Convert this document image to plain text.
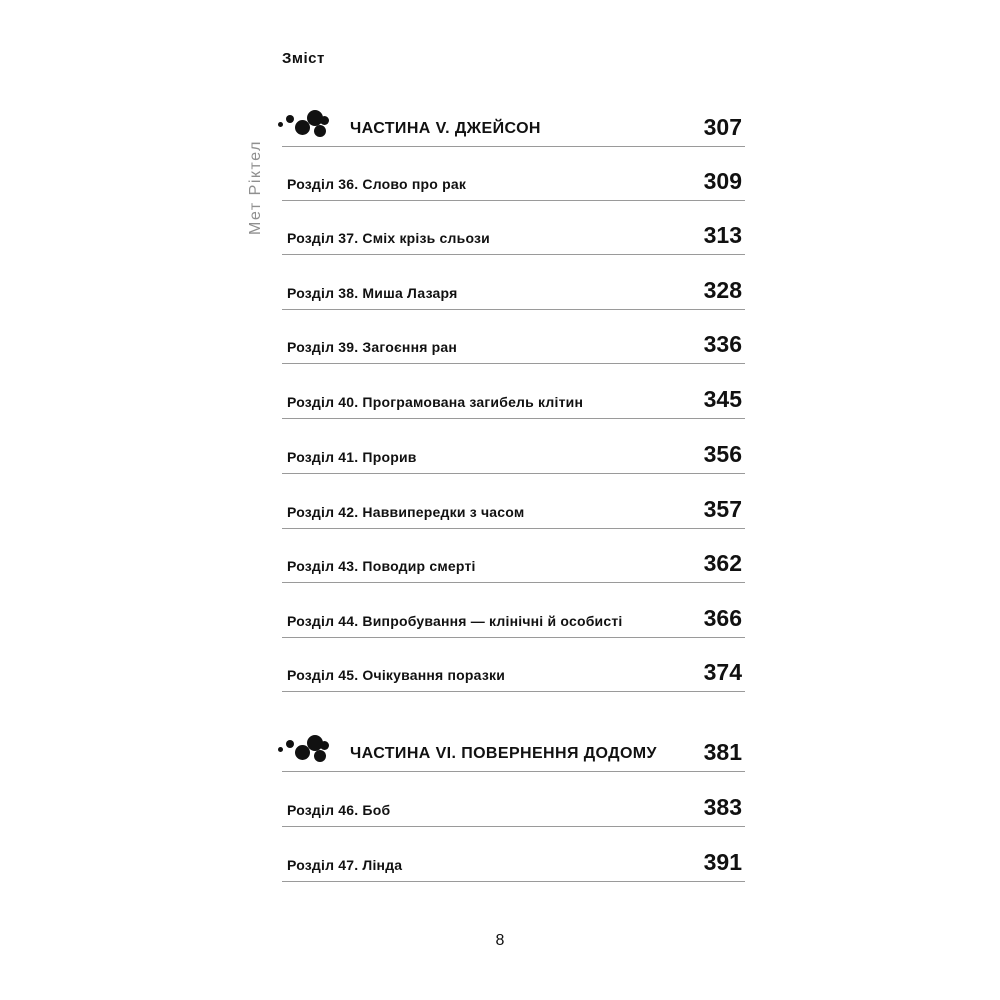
Зміст
Мет Ріктел
ЧАСТИНА V. ДЖЕЙСОН	307
Розділ 36. Слово про рак	309
Розділ 37. Сміх крізь сльози	313
Розділ 38. Миша Лазаря	328
Розділ 39. Загоєння ран	336
Розділ 40. Програмована загибель клітин	345
Розділ 41. Прорив	356
Розділ 42. Наввипередки з часом	357
Розділ 43. Поводир смерті	362
Розділ 44. Випробування — клінічні й особисті	366
Розділ 45. Очікування поразки	374
ЧАСТИНА VI. ПОВЕРНЕННЯ ДОДОМУ 381
Розділ 46. Боб	383
Розділ 47. Лінда	391
8
